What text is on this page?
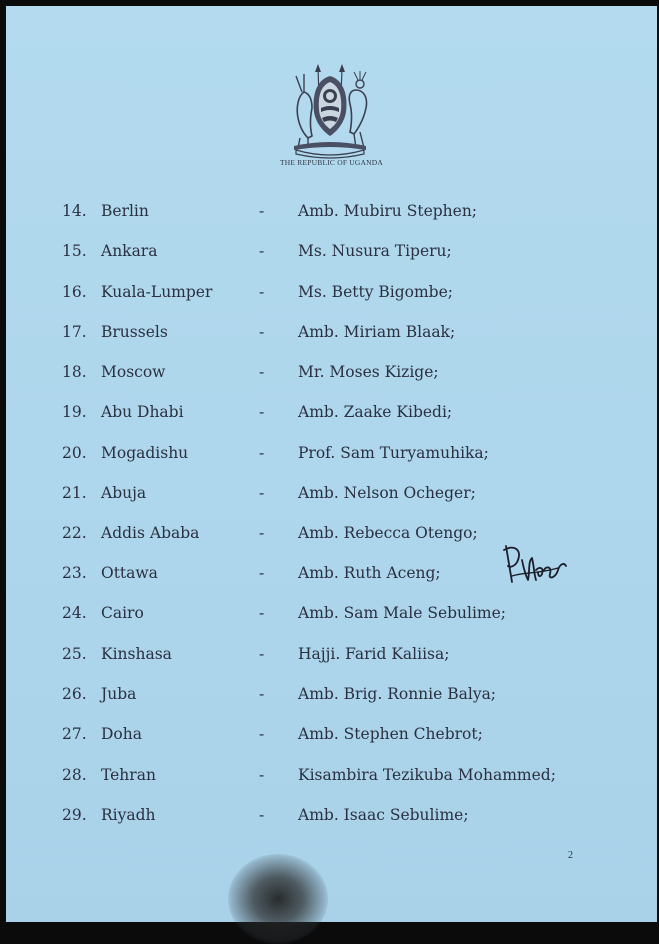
THE REPUBLIC OF UGANDA
14. Berlin	- Amb. Mubiru Stephen;
15. Ankara	- Ms. Nusura Tiperu;
16. Kuala-Lumper	- Ms. Betty Bigombe;
17. Brussels	- Amb. Miriam Blaak;
18. Moscow	- Mr. Moses Kizige;
19. Abu Dhabi	- Amb. Zaake Kibedi;
20. Mogadishu	- Prof. Sam Turyamuhika;
21. Abuja	- Amb. Nelson Ocheger;
22. Addis Ababa	- Amb. Rebecca Otengo;
23. Ottawa	- Amb. Ruth Aceng;
24. Cairo	- Amb. Sam Male Sebulime;
25. Kinshasa	- Hajji. Farid Kaliisa;
26. Juba	- Amb. Brig. Ronnie Balya;
27. Doha	- Amb. Stephen Chebrot;
28. Tehran	- Kisambira Tezikuba Mohammed;
29. Riyadh	- Amb. Isaac Sebulime;
2
